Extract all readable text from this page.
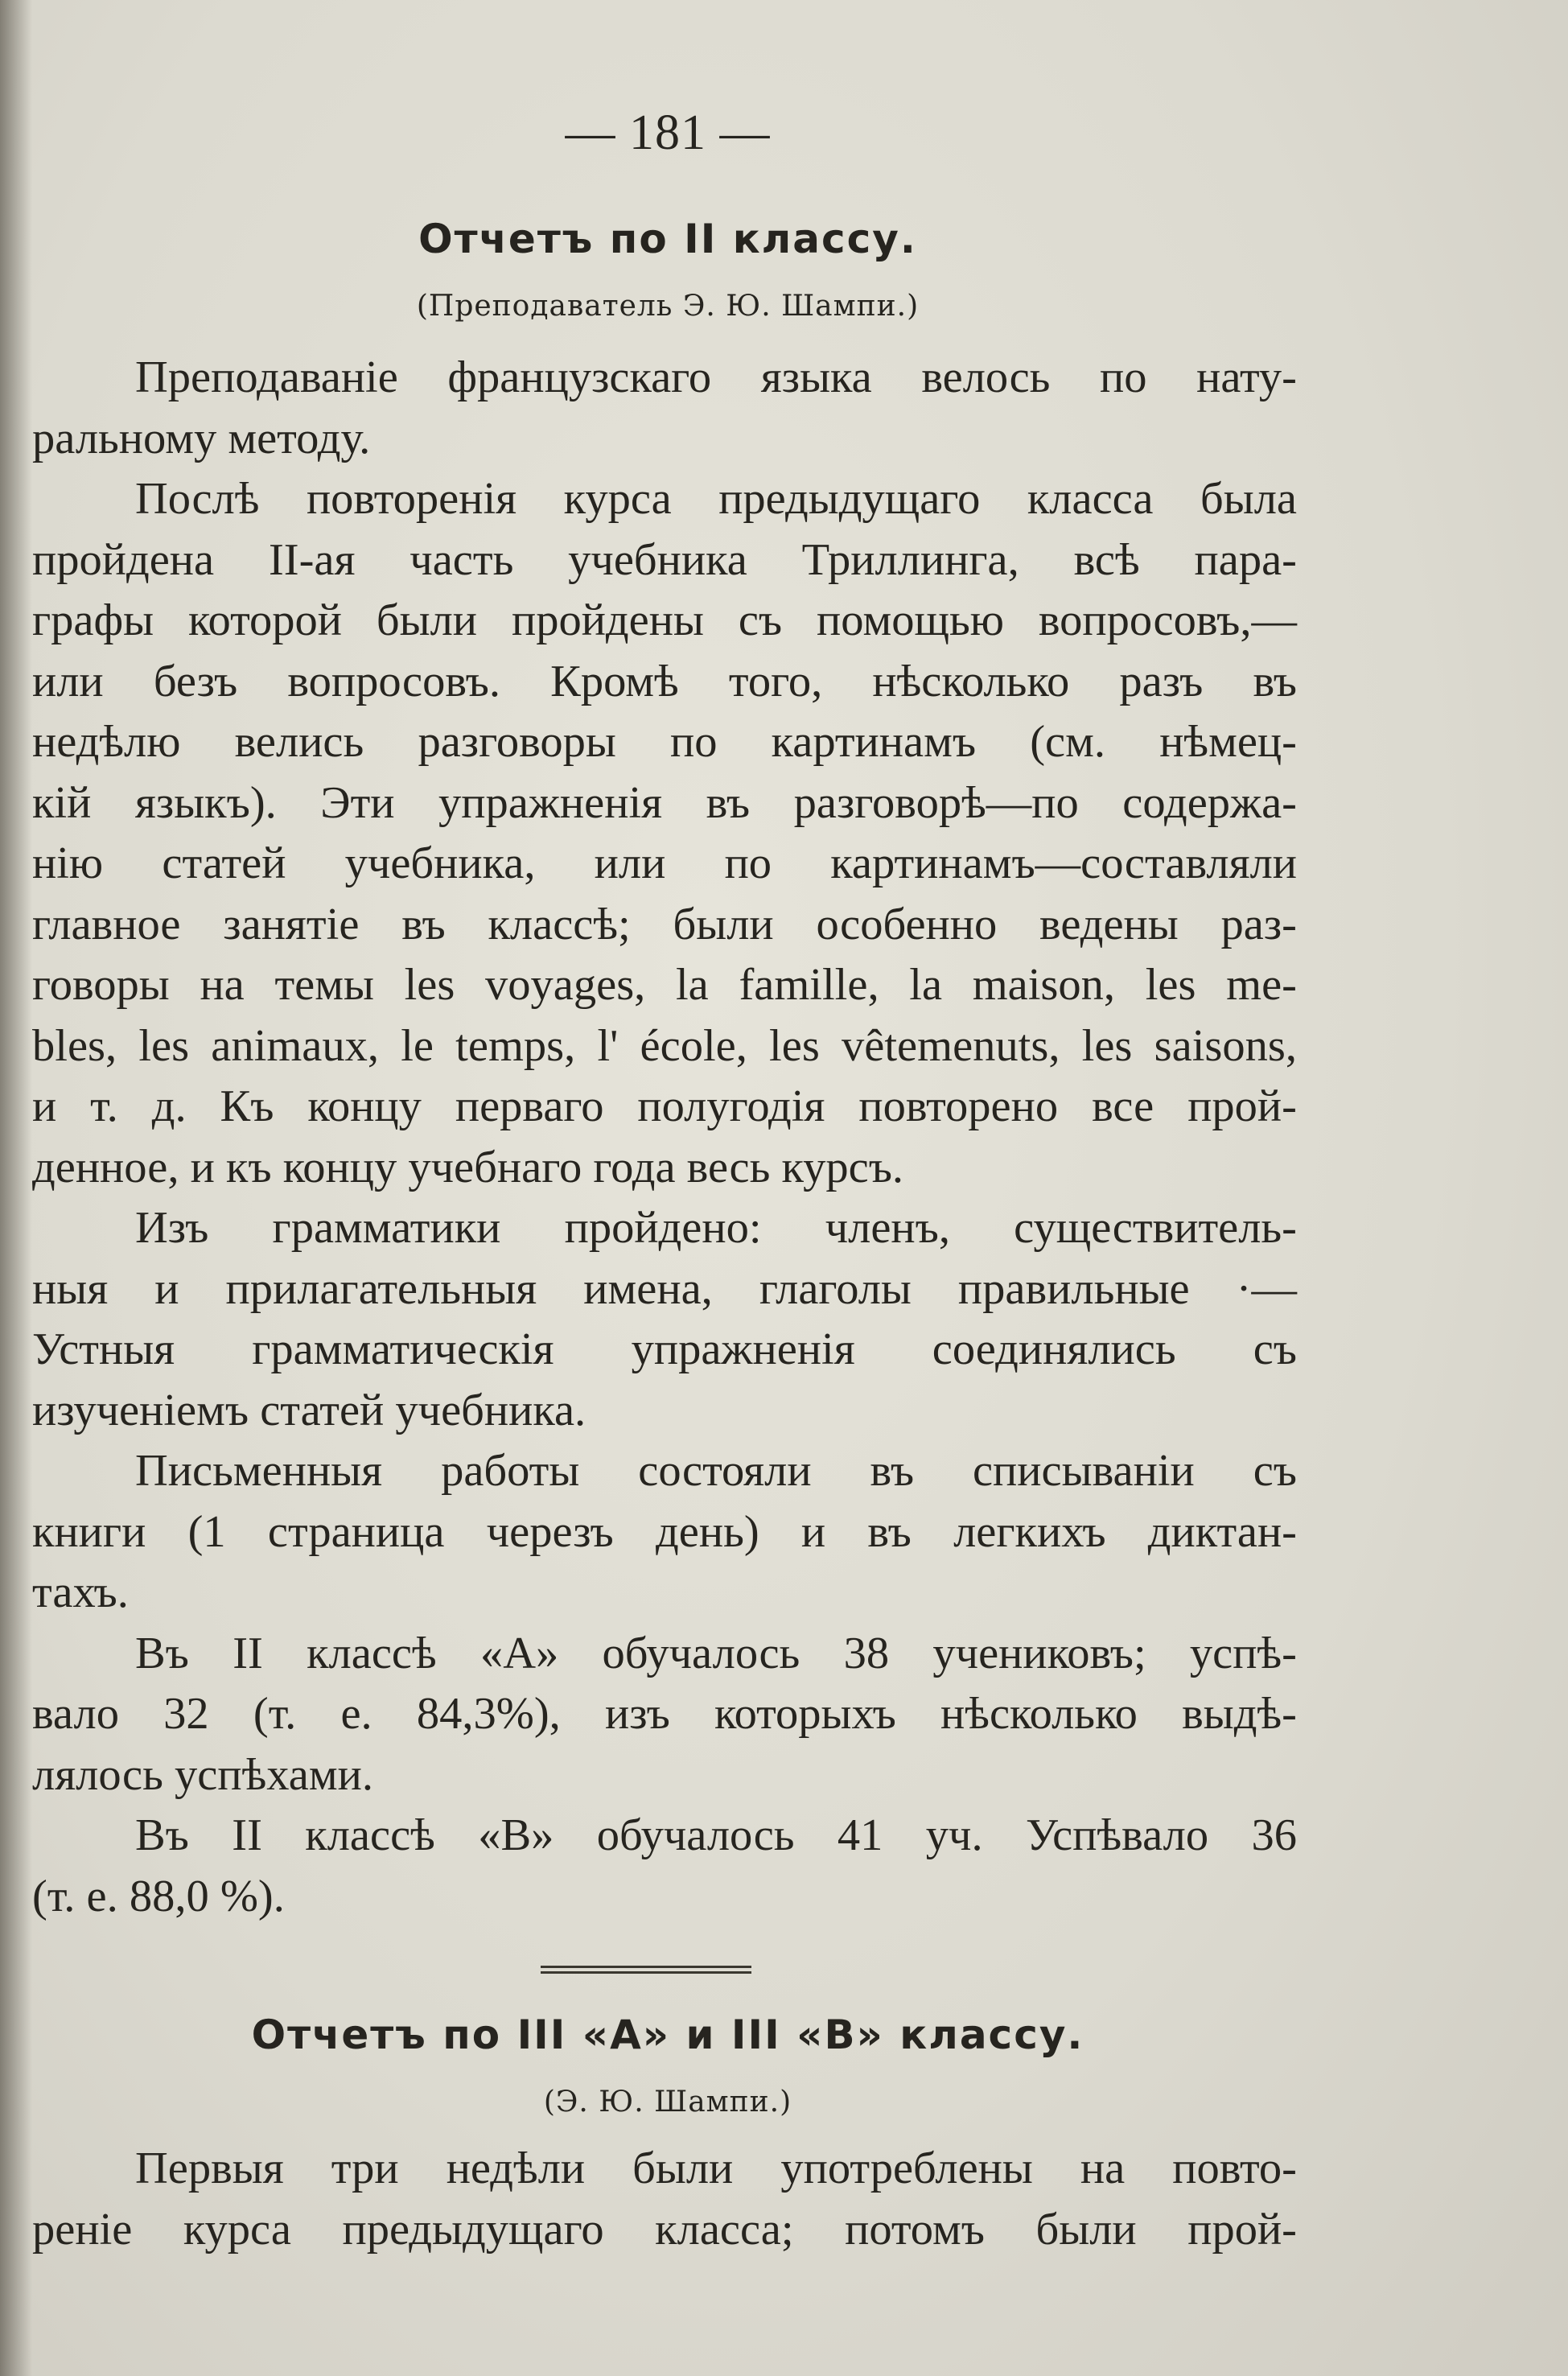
— 181 —
Отчетъ по II классу.
(Преподаватель Э. Ю. Шампи.)
Преподаванiе французскаго языка велось по нату-
ральному методу.
Послѣ повторенiя курса предыдущаго класса была
пройдена II-ая часть учебника Триллинга, всѣ пара-
графы которой были пройдены съ помощью вопросовъ,—
или безъ вопросовъ. Кромѣ того, нѣсколько разъ въ
недѣлю велись разговоры по картинамъ (см. нѣмец-
кiй языкъ). Эти упражненiя въ разговорѣ—по содержа-
нiю статей учебника, или по картинамъ—составляли
главное занятiе въ классѣ; были особенно ведены раз-
говоры на темы les voyages, la famille, la maison, les me-
bles, les animaux, le temps, l' école, les vêtemenuts, les saisons,
и т. д. Къ концу перваго полугодiя повторено все прой-
денное, и къ концу учебнаго года весь курсъ.
Изъ грамматики пройдено: членъ, существитель-
ныя и прилагательныя имена, глаголы правильные ·—
Устныя грамматическiя упражненiя соединялись съ
изученiемъ статей учебника.
Письменныя работы состояли въ списыванiи съ
книги (1 страница черезъ день) и въ легкихъ диктан-
тахъ.
Въ II классѣ «А» обучалось 38 учениковъ; успѣ-
вало 32 (т. е. 84,3%), изъ которыхъ нѣсколько выдѣ-
лялось успѣхами.
Въ II классѣ «В» обучалось 41 уч. Успѣвало 36
(т. е. 88,0 %).
Отчетъ по III «А» и III «В» классу.
(Э. Ю. Шампи.)
Первыя три недѣли были употреблены на повто-
ренiе курса предыдущаго класса; потомъ были прой-
